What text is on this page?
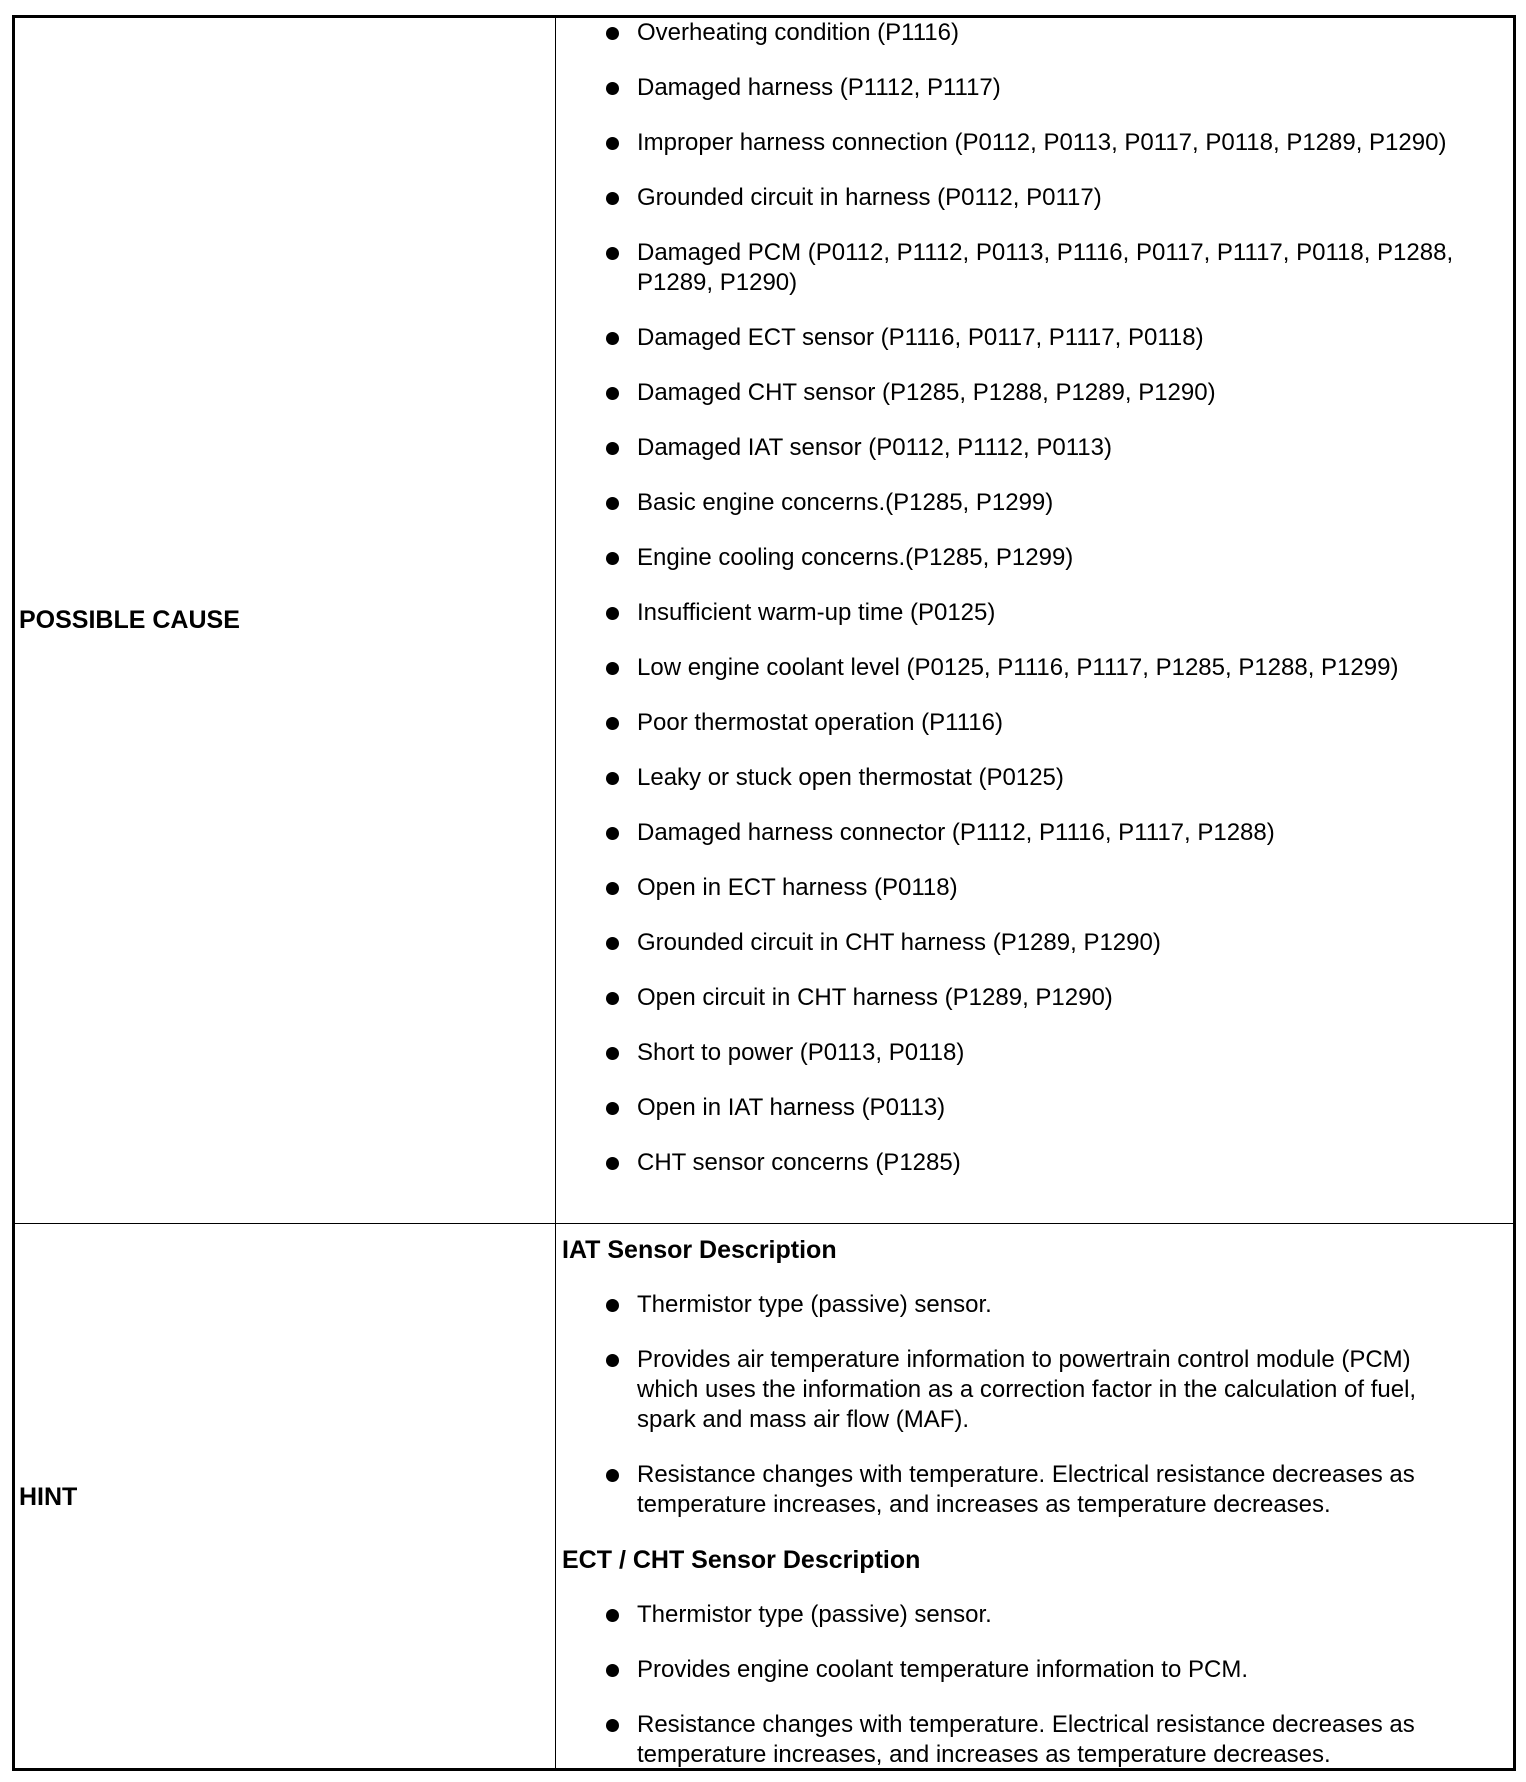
POSSIBLE CAUSE
Overheating condition (P1116)
Damaged harness (P1112, P1117)
Improper harness connection (P0112, P0113, P0117, P0118, P1289, P1290)
Grounded circuit in harness (P0112, P0117)
Damaged PCM (P0112, P1112, P0113, P1116, P0117, P1117, P0118, P1288, P1289, P1290)
Damaged ECT sensor (P1116, P0117, P1117, P0118)
Damaged CHT sensor (P1285, P1288, P1289, P1290)
Damaged IAT sensor (P0112, P1112, P0113)
Basic engine concerns.(P1285, P1299)
Engine cooling concerns.(P1285, P1299)
Insufficient warm-up time (P0125)
Low engine coolant level (P0125, P1116, P1117, P1285, P1288, P1299)
Poor thermostat operation (P1116)
Leaky or stuck open thermostat (P0125)
Damaged harness connector (P1112, P1116, P1117, P1288)
Open in ECT harness (P0118)
Grounded circuit in CHT harness (P1289, P1290)
Open circuit in CHT harness (P1289, P1290)
Short to power (P0113, P0118)
Open in IAT harness (P0113)
CHT sensor concerns (P1285)
HINT
IAT Sensor Description
Thermistor type (passive) sensor.
Provides air temperature information to powertrain control module (PCM) which uses the information as a correction factor in the calculation of fuel, spark and mass air flow (MAF).
Resistance changes with temperature. Electrical resistance decreases as temperature increases, and increases as temperature decreases.
ECT / CHT Sensor Description
Thermistor type (passive) sensor.
Provides engine coolant temperature information to PCM.
Resistance changes with temperature. Electrical resistance decreases as temperature increases, and increases as temperature decreases.
